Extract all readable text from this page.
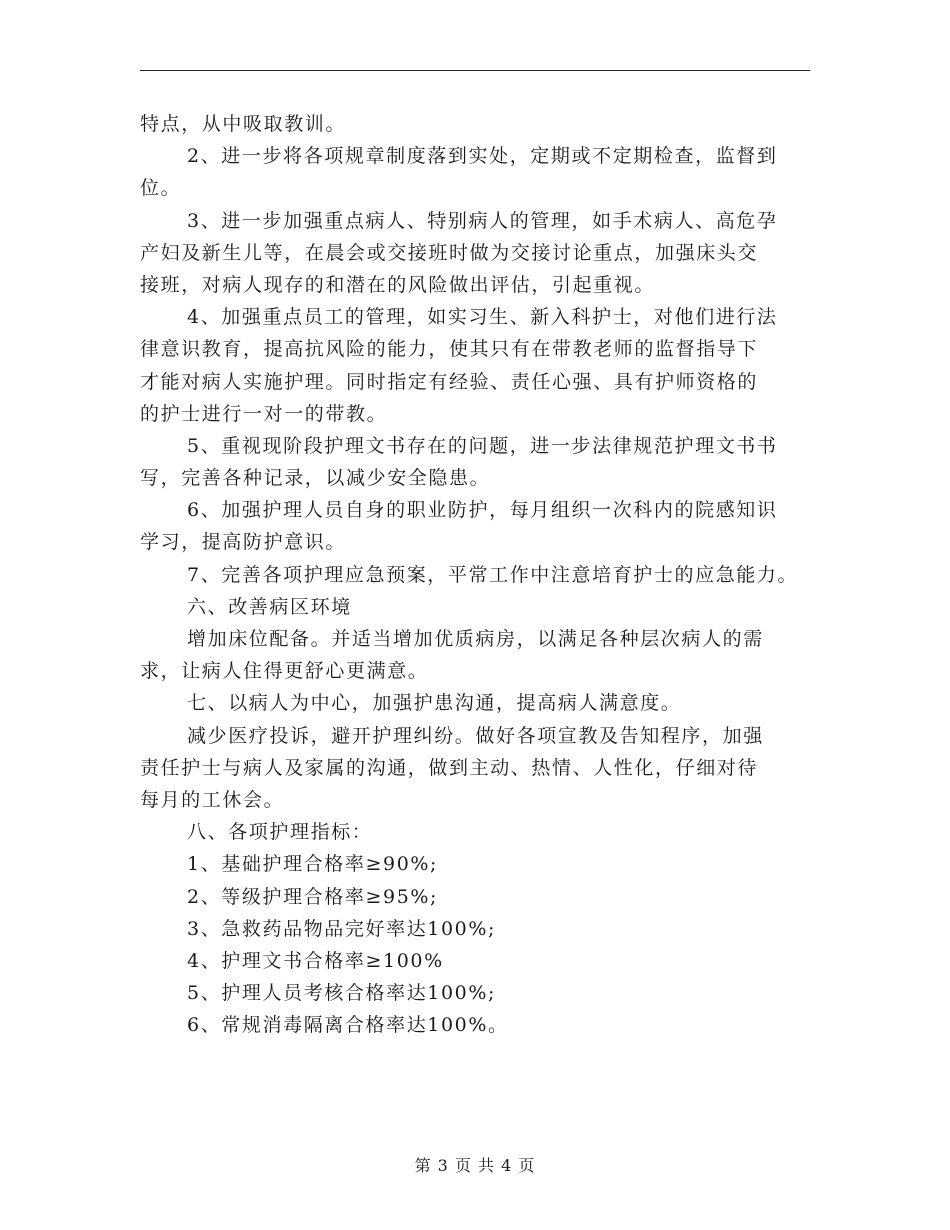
特点，从中吸取教训。
2、进一步将各项规章制度落到实处，定期或不定期检查，监督到
位。
3、进一步加强重点病人、特别病人的管理，如手术病人、高危孕
产妇及新生儿等，在晨会或交接班时做为交接讨论重点，加强床头交
接班，对病人现存的和潜在的风险做出评估，引起重视。
4、加强重点员工的管理，如实习生、新入科护士，对他们进行法
律意识教育，提高抗风险的能力，使其只有在带教老师的监督指导下
才能对病人实施护理。同时指定有经验、责任心强、具有护师资格的
的护士进行一对一的带教。
5、重视现阶段护理文书存在的问题，进一步法律规范护理文书书
写，完善各种记录，以减少安全隐患。
6、加强护理人员自身的职业防护，每月组织一次科内的院感知识
学习，提高防护意识。
7、完善各项护理应急预案，平常工作中注意培育护士的应急能力。
六、改善病区环境
增加床位配备。并适当增加优质病房，以满足各种层次病人的需
求，让病人住得更舒心更满意。
七、以病人为中心，加强护患沟通，提高病人满意度。
减少医疗投诉，避开护理纠纷。做好各项宣教及告知程序，加强
责任护士与病人及家属的沟通，做到主动、热情、人性化，仔细对待
每月的工休会。
八、各项护理指标：
1、基础护理合格率≥90%;
2、等级护理合格率≥95%;
3、急救药品物品完好率达100%;
4、护理文书合格率≥100%
5、护理人员考核合格率达100%;
6、常规消毒隔离合格率达100%。
第 3 页 共 4 页
